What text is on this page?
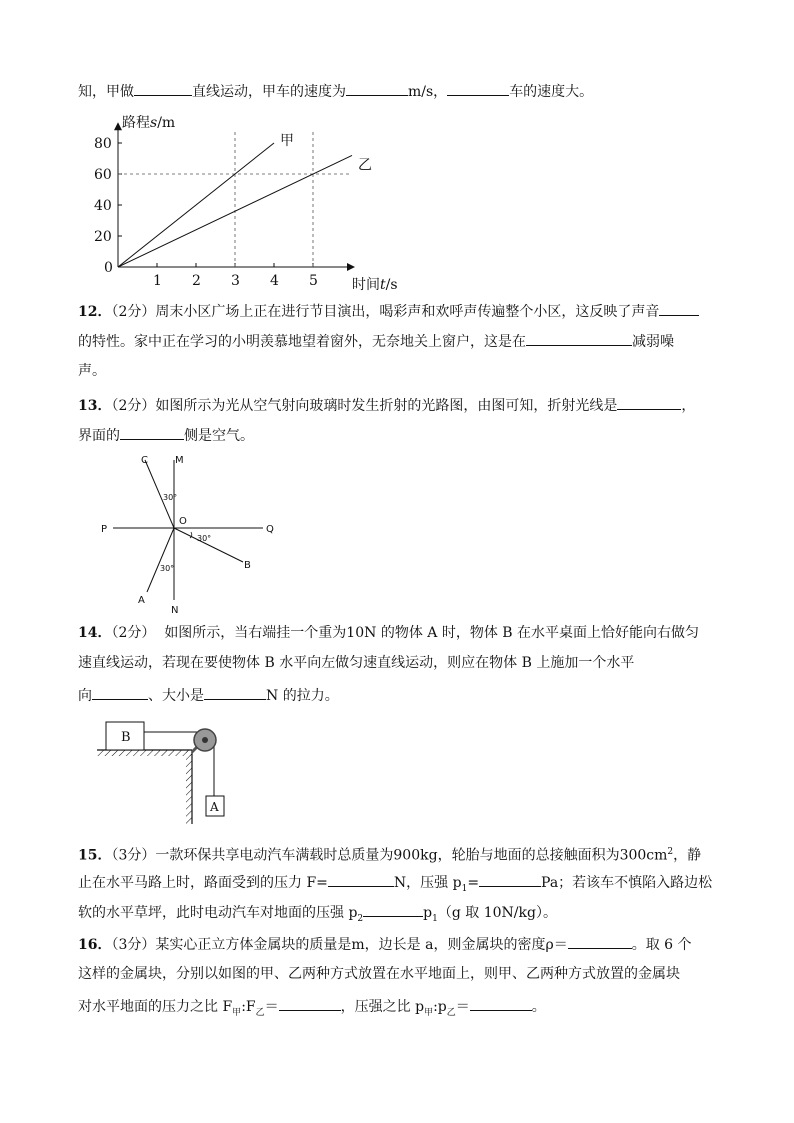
知，甲做	直线运动，甲车的速度为	m/s，	车的速度大。
1 2 3 4 5
0
20
40
60
80	甲
乙
路程s/m
时间t/s
12．（2分）周末小区广场上正在进行节目演出，喝彩声和欢呼声传遍整个小区，这反映了声音
的特性。家中正在学习的小明羡慕地望着窗外，无奈地关上窗户，这是在	减弱噪
声。
13．（2分）如图所示为光从空气射向玻璃时发生折射的光路图，由图可知，折射光线是	，
界面的	侧是空气。
C	M
P	Q
O
B
A
N
30°
30°
30°
14．（2分） 如图所示，当右端挂一个重为10N 的物体 A 时，物体 B 在水平桌面上恰好能向右做匀
速直线运动，若现在要使物体 B 水平向左做匀速直线运动，则应在物体 B 上施加一个水平
向	、大小是	N 的拉力。
B
A
15．（3分）一款环保共享电动汽车满载时总质量为900kg，轮胎与地面的总接触面积为$300cm^2$，静
止在水平马路上时，路面受到的压力 F=	N，压强 $p_1=$	Pa；若该车不慎陷入路边松
软的水平草坪，此时电动汽车对地面的压强 $p_2$	$p_1(g$ 取 10N/kg）。
16．（3分）某实心正立方体金属块的质量是m，边长是 a，则金属块的密度ρ＝	。取 6 个
这样的金属块，分别以如图的甲、乙两种方式放置在水平地面上，则甲、乙两种方式放置的金属块
对水平地面的压力之比 $F_甲:F_乙=$	，压强之比 $p_甲:p_乙=$	。
